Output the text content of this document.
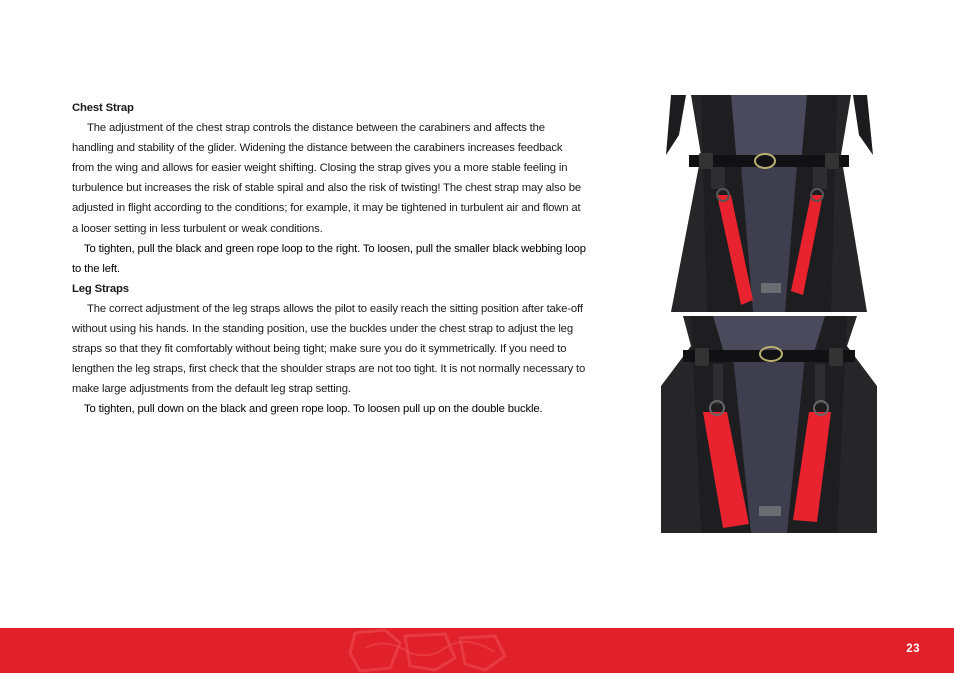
Chest Strap

The adjustment of the chest strap controls the distance between the carabiners and affects the handling and stability of the glider. Widening the distance between the carabiners increases feedback from the wing and allows for easier weight shifting. Closing the strap gives you a more stable feeling in turbulence but increases the risk of stable spiral and also the risk of twisting! The chest strap may also be adjusted in flight according to the conditions; for example, it may be tightened in turbulent air and flown at a looser setting in less turbulent or weak conditions.

To tighten, pull the black and green rope loop to the right. To loosen, pull the smaller black webbing loop to the left.

Leg Straps

The correct adjustment of the leg straps allows the pilot to easily reach the sitting position after take-off without using his hands. In the standing position, use the buckles under the chest strap to adjust the leg straps so that they fit comfortably without being tight; make sure you do it symmetrically. If you need to lengthen the leg straps, first check that the shoulder straps are not too tight. It is not normally necessary to make large adjustments from the default leg strap setting.

To tighten, pull down on the black and green rope loop. To loosen pull up on the double buckle.

23
